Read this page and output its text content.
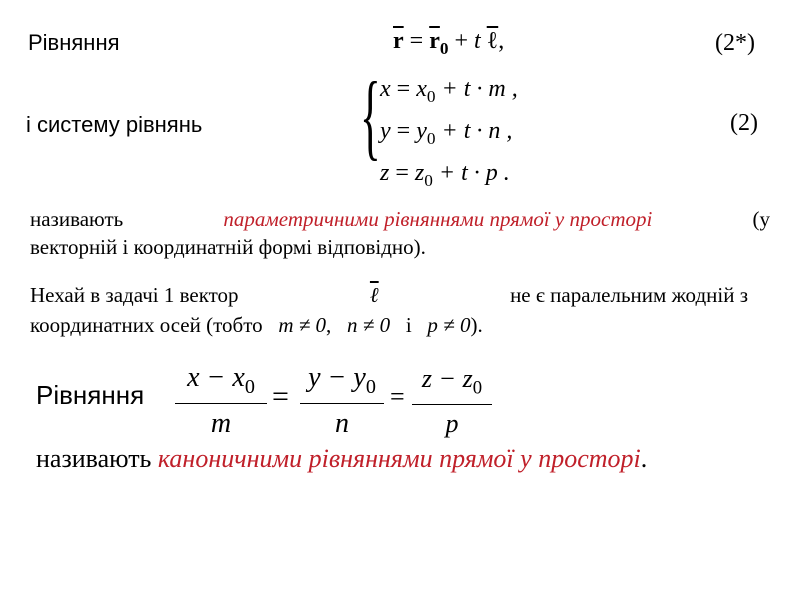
Рівняння	$\overline{r} = \overline{r}_0 + t$ ℓ,	(2*)
і систему рівнянь { $x = x_0 + t \cdot m$ ,
$y = y_0 + t \cdot n$ ,
$z = z_0 + t \cdot p$ .
(2)
називають	параметричними рівняннями прямої у просторі	(у
векторній і координатній формі відповідно).
Нехай в задачі 1 вектор	ℓ	не є паралельним жодній з
координатних осей (тобто m ≠ 0, n ≠ 0 і p ≠ 0).
Рівняння
$x - x_0$
m
=
$y - y_0$
n
=
$z - z_0$
p
називають каноничними рівняннями прямої у просторі.
